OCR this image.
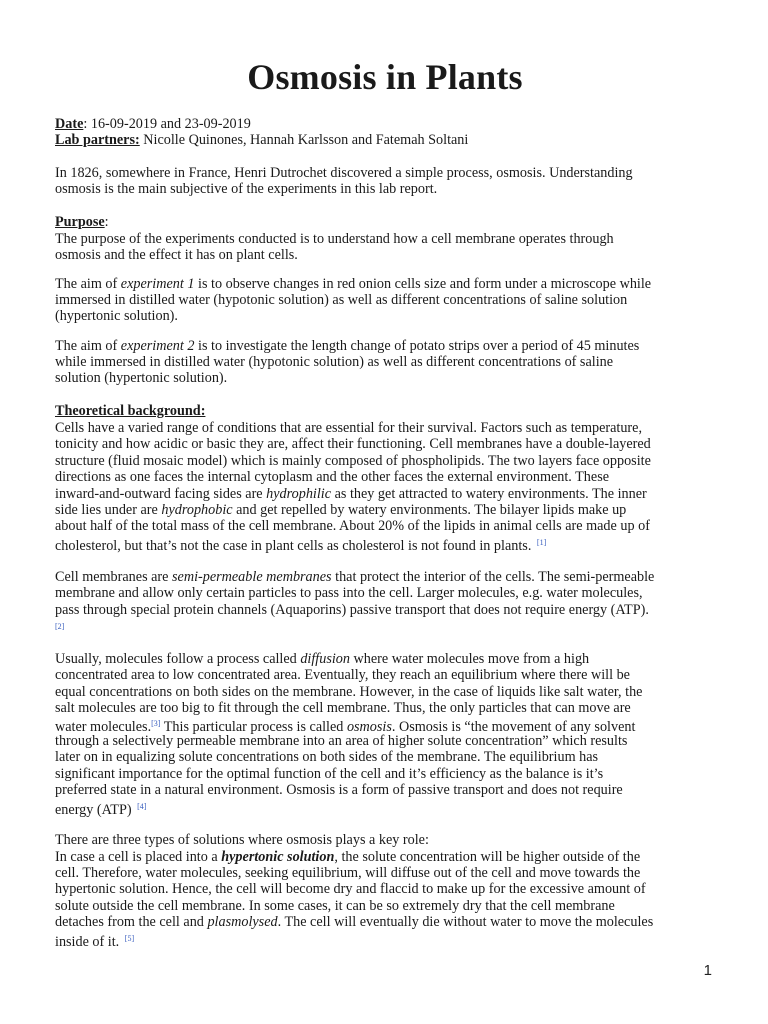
Osmosis in Plants
Date: 16-09-2019 and 23-09-2019
Lab partners: Nicolle Quinones, Hannah Karlsson and Fatemah Soltani
In 1826, somewhere in France, Henri Dutrochet discovered a simple process, osmosis. Understanding
osmosis is the main subjective of the experiments in this lab report.
Purpose:
The purpose of the experiments conducted is to understand how a cell membrane operates through
osmosis and the effect it has on plant cells.
The aim of experiment 1 is to observe changes in red onion cells size and form under a microscope while
immersed in distilled water (hypotonic solution) as well as different concentrations of saline solution
(hypertonic solution).
The aim of experiment 2 is to investigate the length change of potato strips over a period of 45 minutes
while immersed in distilled water (hypotonic solution) as well as different concentrations of saline
solution (hypertonic solution).
Theoretical background:
Cells have a varied range of conditions that are essential for their survival. Factors such as temperature,
tonicity and how acidic or basic they are, affect their functioning. Cell membranes have a double-layered
structure (fluid mosaic model) which is mainly composed of phospholipids. The two layers face opposite
directions as one faces the internal cytoplasm and the other faces the external environment. These
inward-and-outward facing sides are hydrophilic as they get attracted to watery environments. The inner
side lies under are hydrophobic and get repelled by watery environments. The bilayer lipids make up
about half of the total mass of the cell membrane. About 20% of the lipids in animal cells are made up of
cholesterol, but that’s not the case in plant cells as cholesterol is not found in plants. [1]
Cell membranes are semi-permeable membranes that protect the interior of the cells. The semi-permeable
membrane and allow only certain particles to pass into the cell. Larger molecules, e.g. water molecules,
pass through special protein channels (Aquaporins) passive transport that does not require energy (ATP).
[2]
Usually, molecules follow a process called diffusion where water molecules move from a high
concentrated area to low concentrated area. Eventually, they reach an equilibrium where there will be
equal concentrations on both sides on the membrane. However, in the case of liquids like salt water, the
salt molecules are too big to fit through the cell membrane. Thus, the only particles that can move are
water molecules.[3] This particular process is called osmosis. Osmosis is “the movement of any solvent
through a selectively permeable membrane into an area of higher solute concentration” which results
later on in equalizing solute concentrations on both sides of the membrane. The equilibrium has
significant importance for the optimal function of the cell and it’s efficiency as the balance is it’s
preferred state in a natural environment. Osmosis is a form of passive transport and does not require
energy (ATP) [4]
There are three types of solutions where osmosis plays a key role:
In case a cell is placed into a hypertonic solution, the solute concentration will be higher outside of the
cell. Therefore, water molecules, seeking equilibrium, will diffuse out of the cell and move towards the
hypertonic solution. Hence, the cell will become dry and flaccid to make up for the excessive amount of
solute outside the cell membrane. In some cases, it can be so extremely dry that the cell membrane
detaches from the cell and plasmolysed. The cell will eventually die without water to move the molecules
inside of it. [5]
1
